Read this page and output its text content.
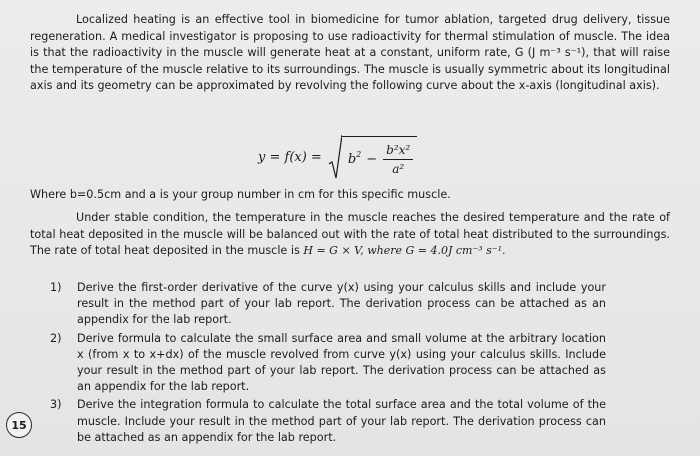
Localized heating is an effective tool in biomedicine for tumor ablation, targeted drug delivery, tissue regeneration. A medical investigator is proposing to use radioactivity for thermal stimulation of muscle. The idea is that the radioactivity in the muscle will generate heat at a constant, uniform rate, G (J m⁻³ s⁻¹), that will raise the temperature of the muscle relative to its surroundings. The muscle is usually symmetric about its longitudinal axis and its geometry can be approximated by revolving the following curve about the x-axis (longitudinal axis).

$y = f(x) = b^2 - \frac{\text{b²x²}}{\text{a²}}$
Where b=0.5cm and a is your group number in cm for this specific muscle.

Under stable condition, the temperature in the muscle reaches the desired temperature and the rate of total heat deposited in the muscle will be balanced out with the rate of total heat distributed to the surroundings. The rate of total heat deposited in the muscle is H = G × V, where G = 4.0J cm⁻³ s⁻¹.

1) Derive the first-order derivative of the curve y(x) using your calculus skills and include your result in the method part of your lab report. The derivation process can be attached as an appendix for the lab report.
2) Derive formula to calculate the small surface area and small volume at the arbitrary location x (from x to x+dx) of the muscle revolved from curve y(x) using your calculus skills. Include your result in the method part of your lab report. The derivation process can be attached as an appendix for the lab report.
3) Derive the integration formula to calculate the total surface area and the total volume of the muscle. Include your result in the method part of your lab report. The derivation process can be attached as an appendix for the lab report.
15
